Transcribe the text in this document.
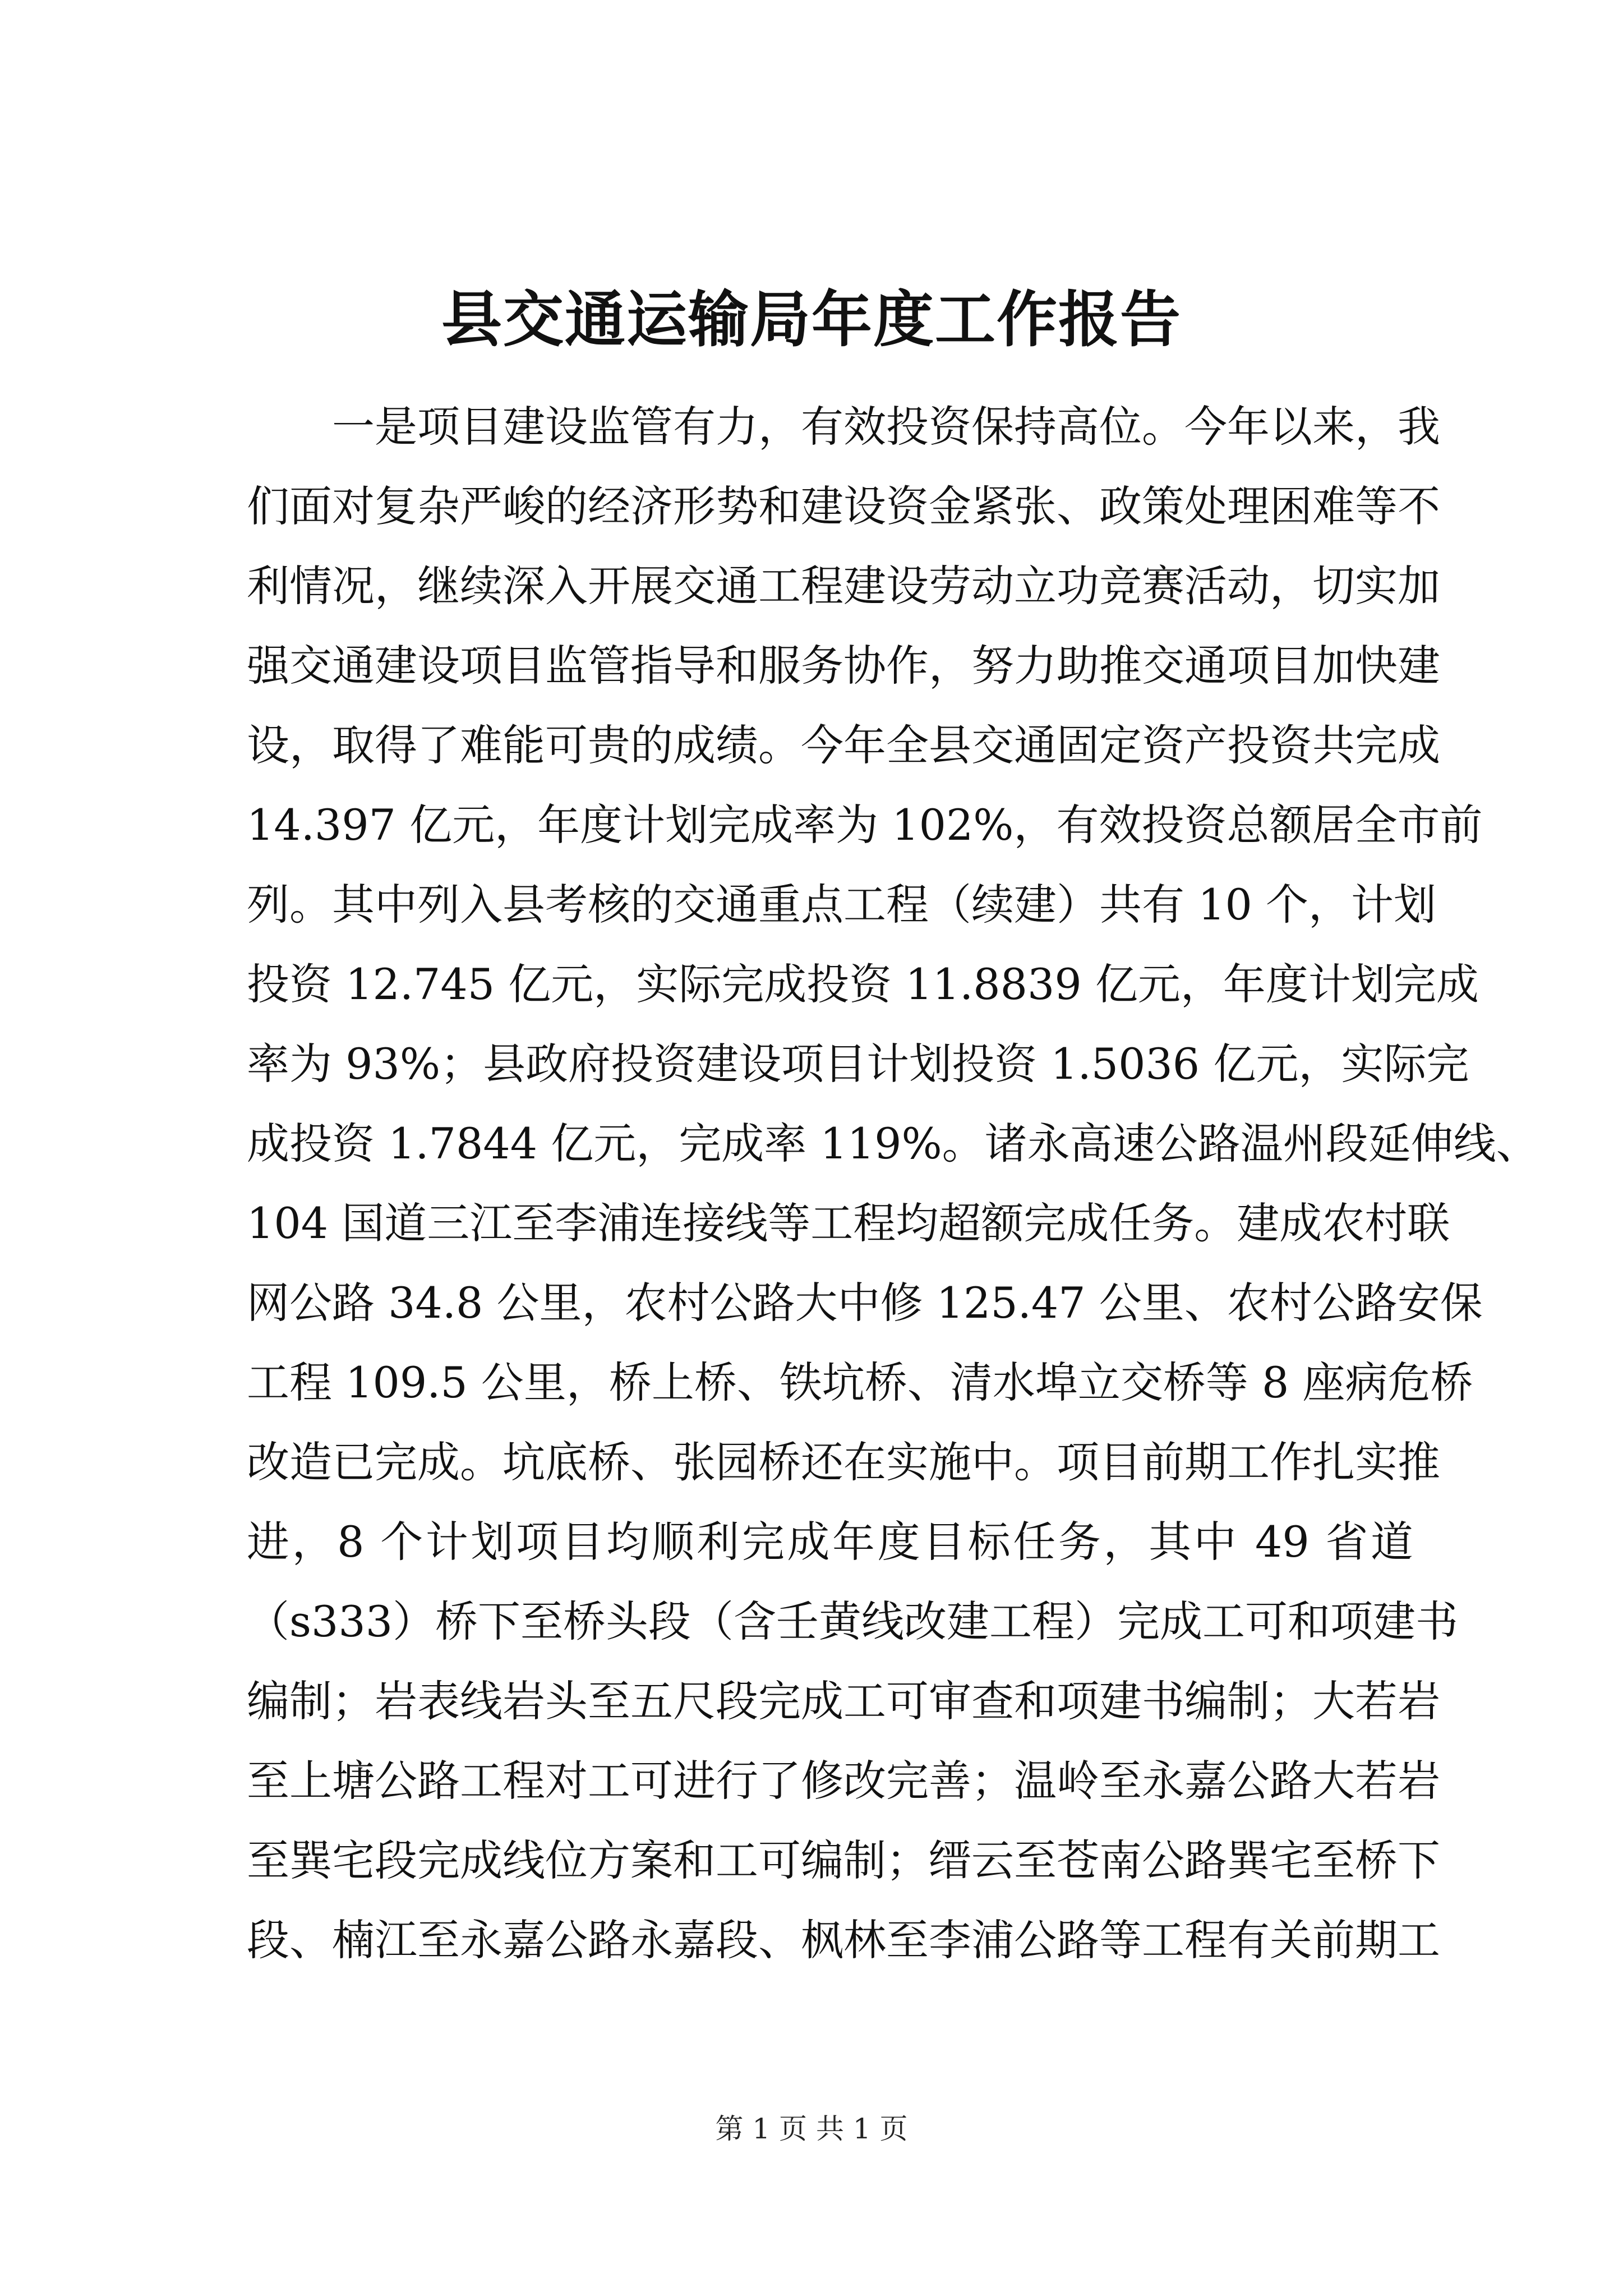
县交通运输局年度工作报告
一是项目建设监管有力，有效投资保持高位。今年以来，我
们面对复杂严峻的经济形势和建设资金紧张、政策处理困难等不
利情况，继续深入开展交通工程建设劳动立功竞赛活动，切实加
强交通建设项目监管指导和服务协作，努力助推交通项目加快建
设，取得了难能可贵的成绩。今年全县交通固定资产投资共完成
14.397 亿元，年度计划完成率为 102%，有效投资总额居全市前
列。其中列入县考核的交通重点工程（续建）共有 10 个，计划
投资 12.745 亿元，实际完成投资 11.8839 亿元，年度计划完成
率为 93%；县政府投资建设项目计划投资 1.5036 亿元，实际完
成投资 1.7844 亿元，完成率 119%。诸永高速公路温州段延伸线、
104 国道三江至李浦连接线等工程均超额完成任务。建成农村联
网公路 34.8 公里，农村公路大中修 125.47 公里、农村公路安保
工程 109.5 公里，桥上桥、铁坑桥、清水埠立交桥等 8 座病危桥
改造已完成。坑底桥、张园桥还在实施中。项目前期工作扎实推
进，8 个计划项目均顺利完成年度目标任务，其中 49 省道
（s333）桥下至桥头段（含壬黄线改建工程）完成工可和项建书
编制；岩表线岩头至五尺段完成工可审查和项建书编制；大若岩
至上塘公路工程对工可进行了修改完善；温岭至永嘉公路大若岩
至巽宅段完成线位方案和工可编制；缙云至苍南公路巽宅至桥下
段、楠江至永嘉公路永嘉段、枫林至李浦公路等工程有关前期工
第 1 页 共 1 页
